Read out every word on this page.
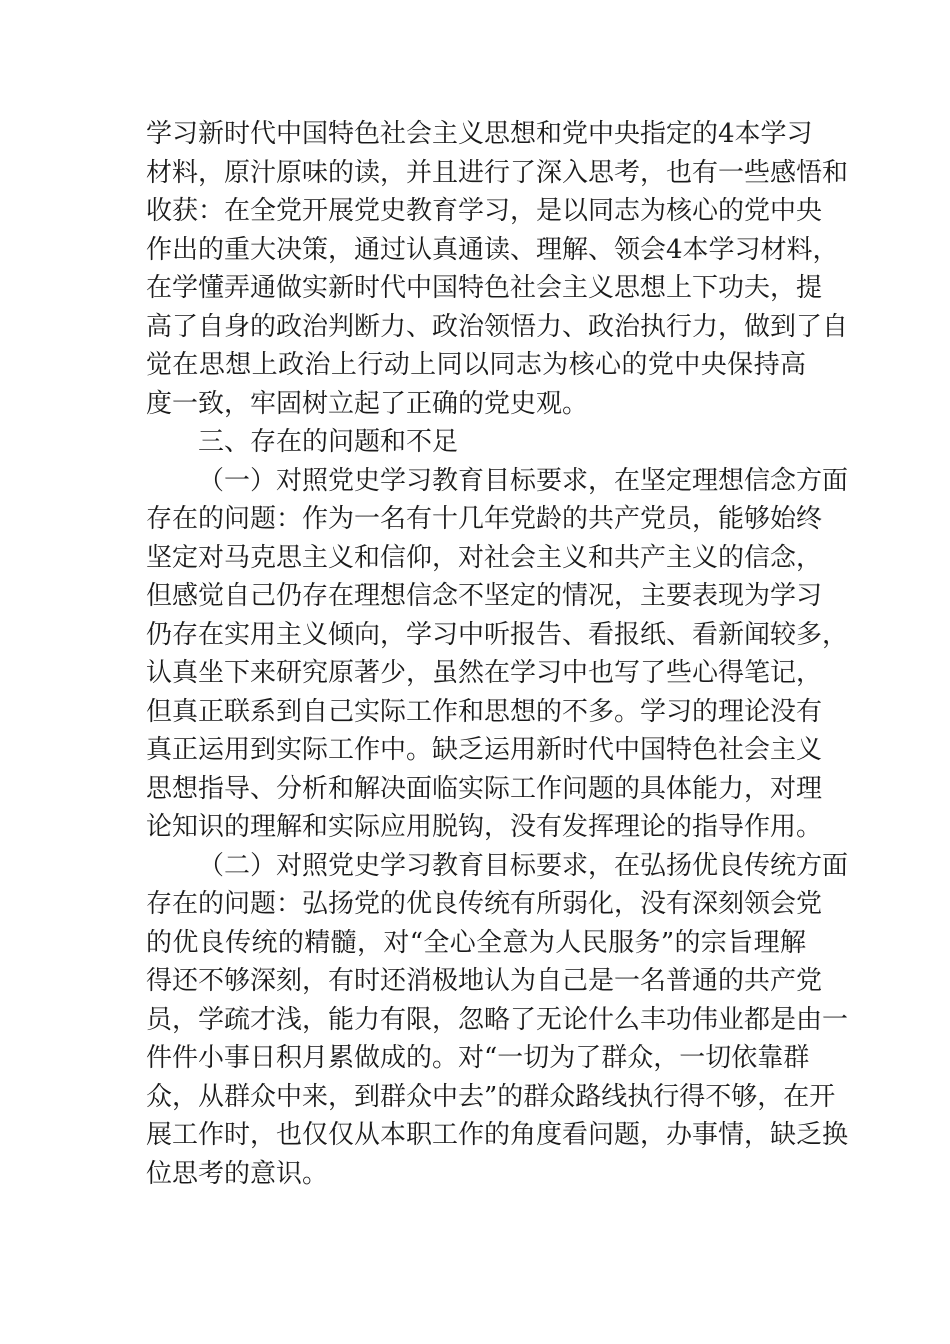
学习新时代中国特色社会主义思想和党中央指定的4本学习
材料，原汁原味的读，并且进行了深入思考，也有一些感悟和
收获：在全党开展党史教育学习，是以同志为核心的党中央
作出的重大决策，通过认真通读、理解、领会4本学习材料，
在学懂弄通做实新时代中国特色社会主义思想上下功夫，提
高了自身的政治判断力、政治领悟力、政治执行力，做到了自
觉在思想上政治上行动上同以同志为核心的党中央保持高
度一致，牢固树立起了正确的党史观。
三、存在的问题和不足
（一）对照党史学习教育目标要求，在坚定理想信念方面
存在的问题：作为一名有十几年党龄的共产党员，能够始终
坚定对马克思主义和信仰，对社会主义和共产主义的信念，
但感觉自己仍存在理想信念不坚定的情况，主要表现为学习
仍存在实用主义倾向，学习中听报告、看报纸、看新闻较多，
认真坐下来研究原著少，虽然在学习中也写了些心得笔记，
但真正联系到自己实际工作和思想的不多。学习的理论没有
真正运用到实际工作中。缺乏运用新时代中国特色社会主义
思想指导、分析和解决面临实际工作问题的具体能力，对理
论知识的理解和实际应用脱钩，没有发挥理论的指导作用。
（二）对照党史学习教育目标要求，在弘扬优良传统方面
存在的问题：弘扬党的优良传统有所弱化，没有深刻领会党
的优良传统的精髓，对“全心全意为人民服务”的宗旨理解
得还不够深刻，有时还消极地认为自己是一名普通的共产党
员，学疏才浅，能力有限，忽略了无论什么丰功伟业都是由一
件件小事日积月累做成的。对“一切为了群众，一切依靠群
众，从群众中来，到群众中去”的群众路线执行得不够，在开
展工作时，也仅仅从本职工作的角度看问题，办事情，缺乏换
位思考的意识。
